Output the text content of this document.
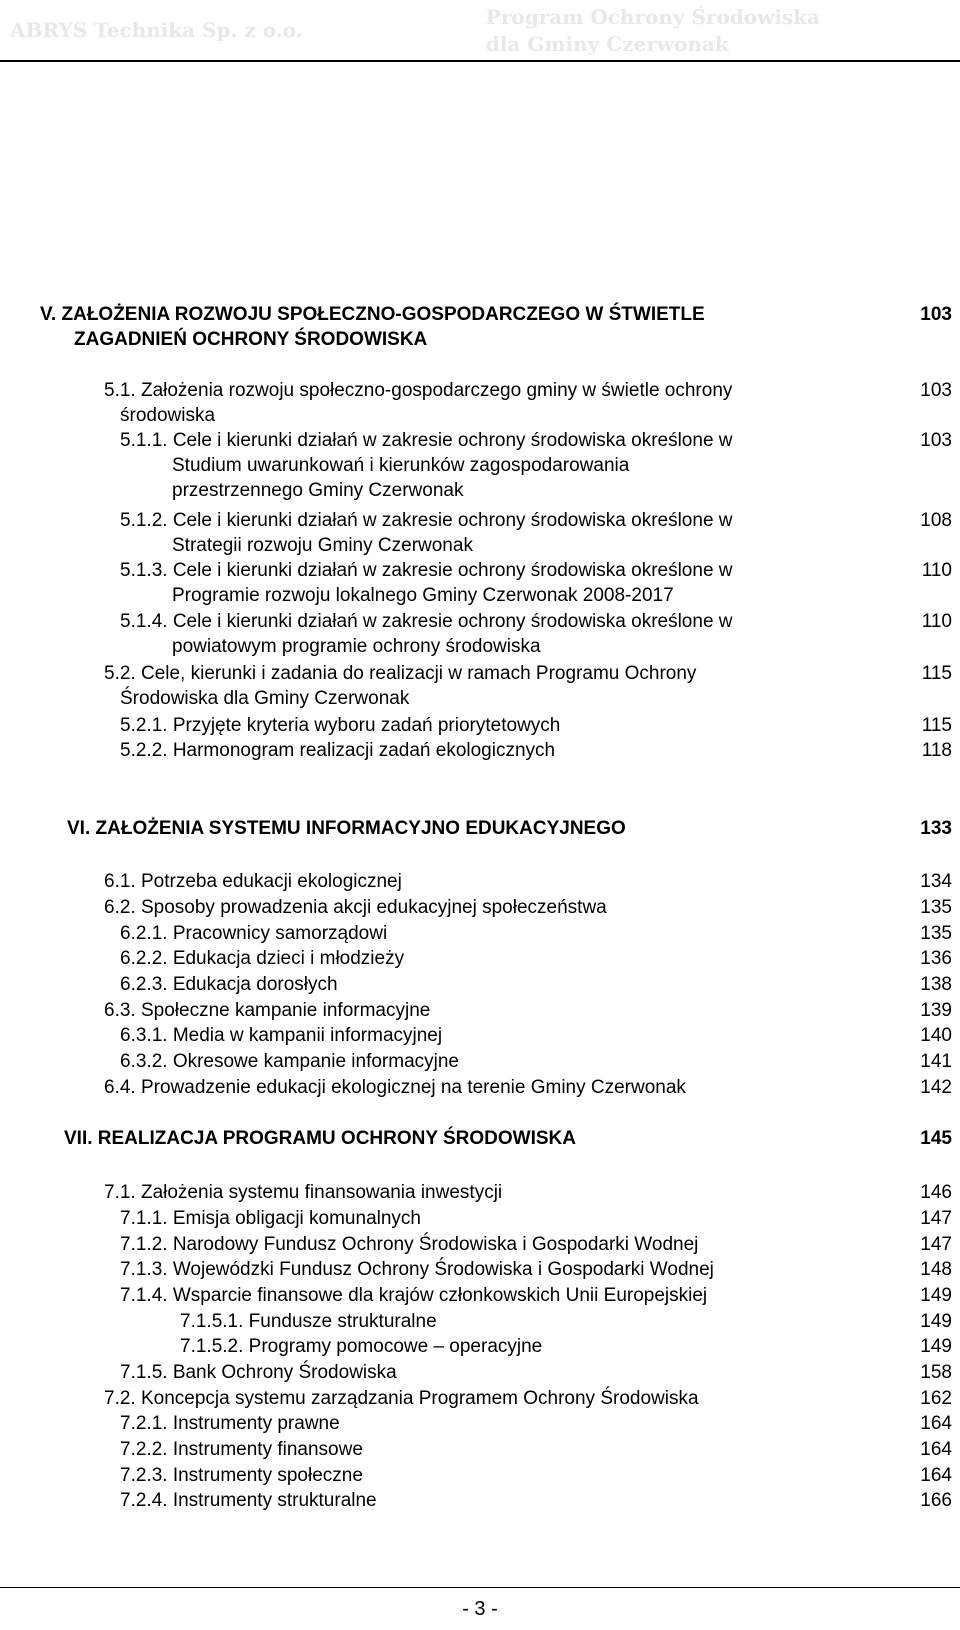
ABRYS Technika Sp. z o.o.
Program Ochrony Środowiska
dla Gminy Czerwonak
V. ZAŁOŻENIA ROZWOJU SPOŁECZNO-GOSPODARCZEGO W ŚTWIETLE
ZAGADNIEŃ OCHRONY ŚRODOWISKA
103
5.1. Założenia rozwoju społeczno-gospodarczego gminy w świetle ochrony
środowiska
103
5.1.1. Cele i kierunki działań w zakresie ochrony środowiska określone w
Studium uwarunkowań i kierunków zagospodarowania
przestrzennego Gminy Czerwonak
103
5.1.2. Cele i kierunki działań w zakresie ochrony środowiska określone w
Strategii rozwoju Gminy Czerwonak
108
5.1.3. Cele i kierunki działań w zakresie ochrony środowiska określone w
Programie rozwoju lokalnego Gminy Czerwonak 2008-2017
110
5.1.4. Cele i kierunki działań w zakresie ochrony środowiska określone w
powiatowym programie ochrony środowiska
110
5.2. Cele, kierunki i zadania do realizacji w ramach Programu Ochrony
Środowiska dla Gminy Czerwonak
115
5.2.1. Przyjęte kryteria wyboru zadań priorytetowych	115
5.2.2. Harmonogram realizacji zadań ekologicznych	118
VI. ZAŁOŻENIA SYSTEMU INFORMACYJNO EDUKACYJNEGO	133
6.1. Potrzeba edukacji ekologicznej	134
6.2. Sposoby prowadzenia akcji edukacyjnej społeczeństwa	135
6.2.1. Pracownicy samorządowi	135
6.2.2. Edukacja dzieci i młodzieży	136
6.2.3. Edukacja dorosłych	138
6.3. Społeczne kampanie informacyjne	139
6.3.1. Media w kampanii informacyjnej	140
6.3.2. Okresowe kampanie informacyjne	141
6.4. Prowadzenie edukacji ekologicznej na terenie Gminy Czerwonak	142
VII. REALIZACJA PROGRAMU OCHRONY ŚRODOWISKA	145
7.1. Założenia systemu finansowania inwestycji	146
7.1.1. Emisja obligacji komunalnych	147
7.1.2. Narodowy Fundusz Ochrony Środowiska i Gospodarki Wodnej	147
7.1.3. Wojewódzki Fundusz Ochrony Środowiska i Gospodarki Wodnej	148
7.1.4. Wsparcie finansowe dla krajów członkowskich Unii Europejskiej	149
7.1.5.1. Fundusze strukturalne	149
7.1.5.2. Programy pomocowe – operacyjne	149
7.1.5. Bank Ochrony Środowiska	158
7.2. Koncepcja systemu zarządzania Programem Ochrony Środowiska	162
7.2.1. Instrumenty prawne	164
7.2.2. Instrumenty finansowe	164
7.2.3. Instrumenty społeczne	164
7.2.4. Instrumenty strukturalne	166
- 3 -
